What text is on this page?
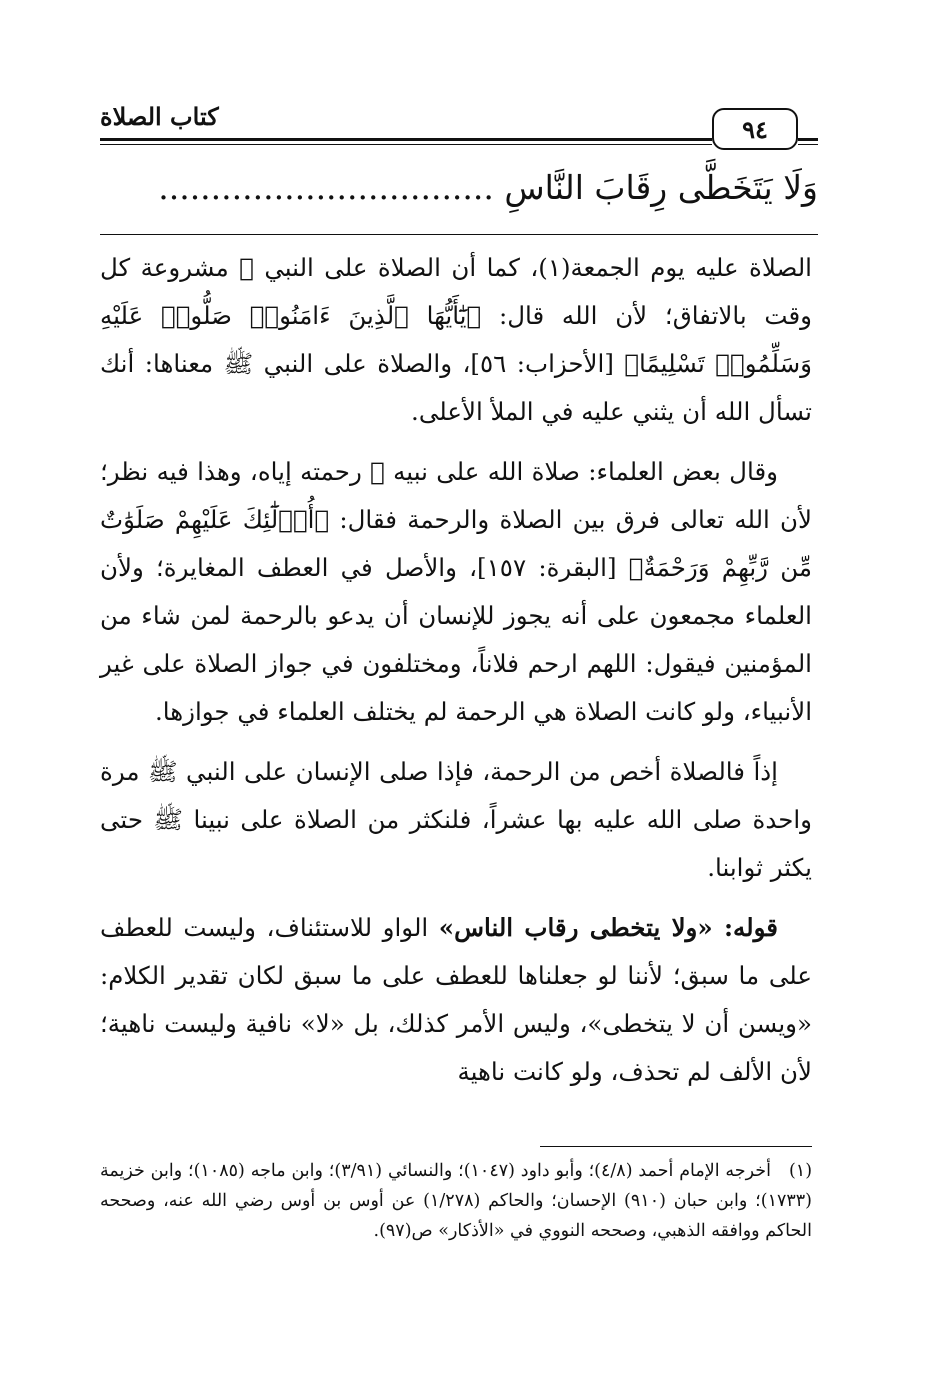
كتاب الصلاة	٩٤
وَلَا يَتَخَطَّى رِقَابَ النَّاسِ ................................

الصلاة عليه يوم الجمعة(١)، كما أن الصلاة على النبي ﷺ مشروعة كل وقت بالاتفاق؛ لأن الله قال: ﴿يَٰٓأَيُّهَا ٱلَّذِينَ ءَامَنُوا۟ صَلُّوا۟ عَلَيْهِ وَسَلِّمُوا۟ تَسْلِيمًا﴾ [الأحزاب: ٥٦]، والصلاة على النبي ﷺ معناها: أنك تسأل الله أن يثني عليه في الملأ الأعلى.

وقال بعض العلماء: صلاة الله على نبيه ﷺ رحمته إياه، وهذا فيه نظر؛ لأن الله تعالى فرق بين الصلاة والرحمة فقال: ﴿أُو۟لَٰٓئِكَ عَلَيْهِمْ صَلَوَٰتٌ مِّن رَّبِّهِمْ وَرَحْمَةٌ﴾ [البقرة: ١٥٧]، والأصل في العطف المغايرة؛ ولأن العلماء مجمعون على أنه يجوز للإنسان أن يدعو بالرحمة لمن شاء من المؤمنين فيقول: اللهم ارحم فلاناً، ومختلفون في جواز الصلاة على غير الأنبياء، ولو كانت الصلاة هي الرحمة لم يختلف العلماء في جوازها.

إذاً فالصلاة أخص من الرحمة، فإذا صلى الإنسان على النبي ﷺ مرة واحدة صلى الله عليه بها عشراً، فلنكثر من الصلاة على نبينا ﷺ حتى يكثر ثوابنا.

قوله: «ولا يتخطى رقاب الناس» الواو للاستئناف، وليست للعطف على ما سبق؛ لأننا لو جعلناها للعطف على ما سبق لكان تقدير الكلام: «ويسن أن لا يتخطى»، وليس الأمر كذلك، بل «لا» نافية وليست ناهية؛ لأن الألف لم تحذف، ولو كانت ناهية

(١)أخرجه الإمام أحمد (٤/٨)؛ وأبو داود (١٠٤٧)؛ والنسائي (٣/٩١)؛ وابن ماجه (١٠٨٥)؛ وابن خزيمة (١٧٣٣)؛ وابن حبان (٩١٠) الإحسان؛ والحاكم (١/٢٧٨) عن أوس بن أوس رضي الله عنه، وصححه الحاكم ووافقه الذهبي، وصححه النووي في «الأذكار» ص(٩٧).
